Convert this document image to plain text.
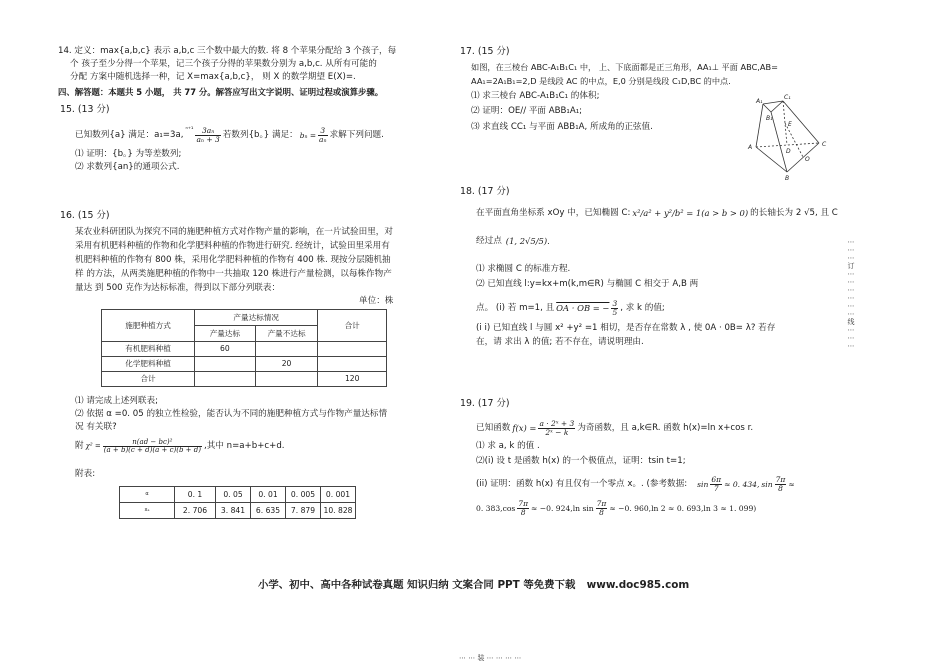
14. 定义：max{a,b,c} 表示 a,b,c 三个数中最大的数. 将 8 个苹果分配给 3 个孩子，每
个 孩子至少分得一个苹果，记三个孩子分得的苹果数分别为 a,b,c. 从所有可能的
分配 方案中随机选择一种，记 X=max{a,b,c}， 则 X 的数学期望 E(X)=.
四、解答题：本题共 5 小题， 共 77 分。解答应写出文字说明、证明过程或演算步骤。
15. (13 分)
已知数列{a} 满足：a₁=3a,
$^{n+1} \frac{\text{3aₙ}}{\text{aₙ + 3}}$ 若数列{b。} 满足： $b_n = \frac{3}{\text{aₙ}}$ 求解下列问题.
⑴ 证明：{b。} 为等差数列;
⑵ 求数列{an}的通项公式.
16. (15 分)
某农业科研团队为探究不同的施肥种植方式对作物产量的影响，在一片试验田里，对
采用有机肥料种植的作物和化学肥料种植的作物进行研究. 经统计，试验田里采用有
机肥料种植的作物有 800 株，采用化学肥料种植的作物有 400 株. 现按分层随机抽
样 的方法，从两类施肥种植的作物中一共抽取 120 株进行产量检测，以每株作物产
量达 到 500 克作为达标标准，得到以下部分列联表：
单位：株
施肥种植方式	产量达标情况		合计
	产量达标	产量不达标	
有机肥料种植	60		
化学肥料种植		20	
合计			120
⑴ 请完成上述列联表;
⑵ 依据 α =0. 05 的独立性检验，能否认为不同的施肥种植方式与作物产量达标情
况 有关联?
附 $\chi^2 = \frac{\text{n(ad − bc)²}}{(a + b)(c + d)(a + c)(b + d)}$ ,其中 n=a+b+c+d.
附表:
α	0. 1	0. 05	0. 01	0. 005	0. 001
xₐ	2. 706	3. 841	6. 635	7. 879	10. 828
17. (15 分)
如图，在三棱台 ABC-A₁B₁C₁ 中， 上、下底面都是正三角形，AA₁⊥ 平面 ABC,AB=
AA₁=2A₁B₁=2,D 是线段 AC 的中点，E,0 分别是线段 C₁D,BC 的中点.
⑴ 求三棱台 ABC-A₁B₁C₁ 的体积;
⑵ 证明：OE// 平面 ABB₁A₁;
⑶ 求直线 CC₁ 与平面 ABB₁A, 所成角的正弦值.
A
B
C
D
E
O
A₁
B₁
C₁
18. (17 分)
在平面直角坐标系 xOy 中，已知椭圆 C: x²/a² + y²/b² = 1(a > b > 0) 的长轴长为 2 √5, 且 C
经过点 (1, 2√5/5).
⑴ 求椭圆 C 的标准方程.
⑵ 已知直线 l:y=kx+m(k,m∈R) 与椭圆 C 相交于 A,B 两
点。 (i) 若 m=1, 且 OA · OB = − $\frac{3}{5}$ , 求 k 的值;
(i i) 已知直线 l 与圆 x² +y² =1 相切，是否存在常数 λ , 使 0A · 0B= λ? 若存
在，请 求出 λ 的值; 若不存在，请说明理由.
19. (17 分)
已知函数 $f(x) = \frac{\text{a · 2ˣ + 3}}{\text{2ˣ − k}}$ 为奇函数，且 a,k∈R. 函数 h(x)=ln x+cos r.
⑴ 求 a, k 的值 .
⑵(i) 设 t 是函数 h(x) 的一个极值点，证明：tsin t=1;
(ii) 证明：函数 h(x) 有且仅有一个零点 x。. (参考数据: $\sin \frac{6\pi}{7} \approx 0$. 434, $\sin \frac{7\pi}{8}$ ≈
0. $383,\cos \frac{7\pi}{8} \approx -0$. 924,ln $\sin \frac{7\pi}{8} \approx -0$. 960,ln 2 ≈ 0. 693,ln 3 ≈ 1. 099)
⋯ ⋯ ⋯ 订 ⋯ ⋯ ⋯ ⋯ ⋯ ⋯ 线 ⋯ ⋯ ⋯
⋯ ⋯ 装 ⋯ ⋯ ⋯ ⋯
小学、初中、高中各种试卷真题 知识归纳 文案合同 PPT 等免费下载 www.doc985.com
